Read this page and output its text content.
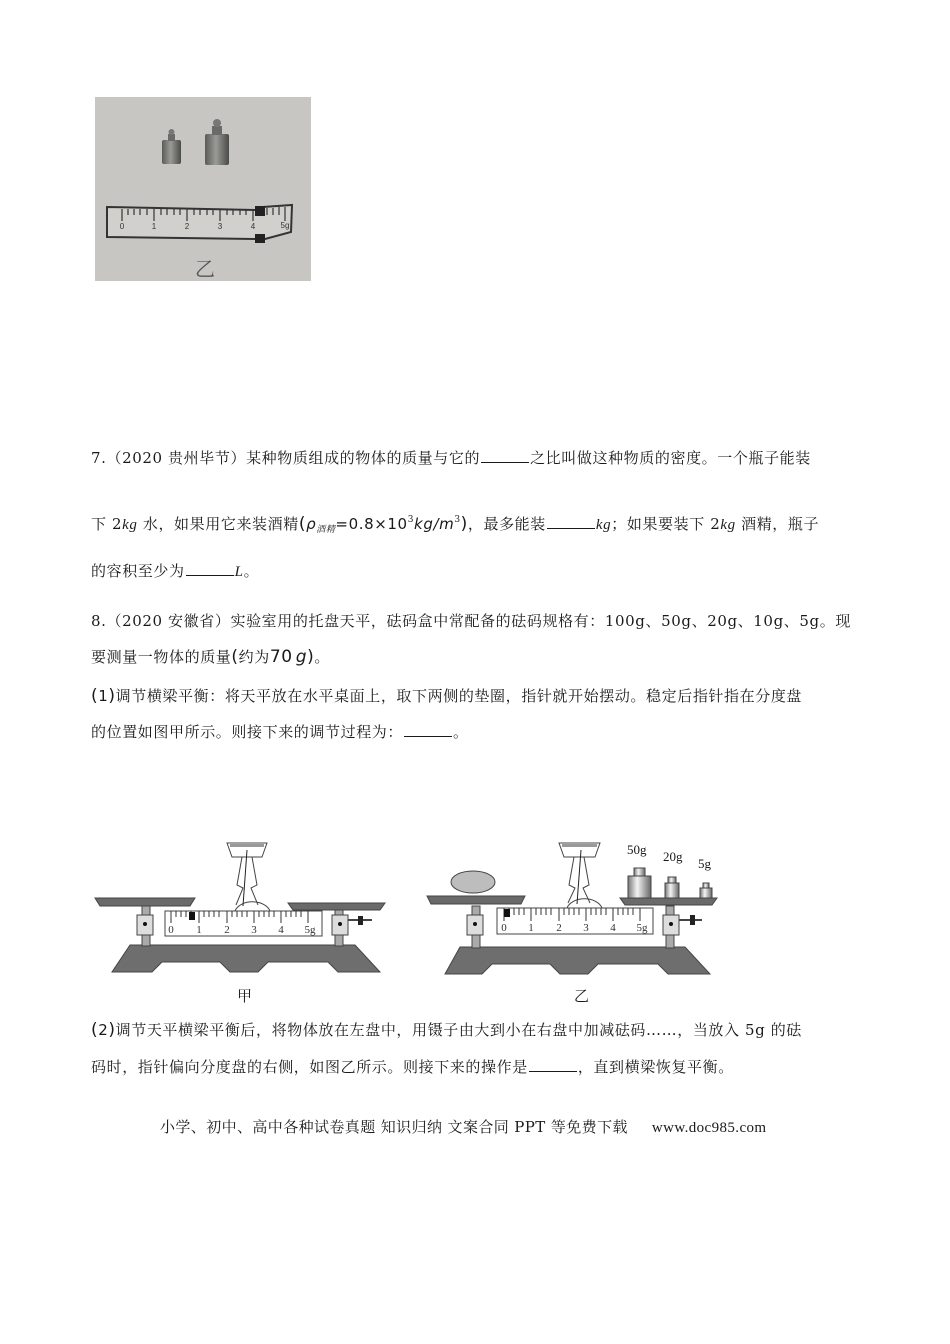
0	1	2	3	4	5g
乙
7.（2020 贵州毕节）某种物质组成的物体的质量与它的	之比叫做这种物质的密度。一个瓶子能装
下 2kg 水，如果用它来装酒精$(\rho_{酒精}=0.8\times 10^3kg/m^3)$，最多能装	kg；如果要装下 2kg 酒精，瓶子
的容积至少为	L。
8.（2020 安徽省）实验室用的托盘天平，砝码盒中常配备的砝码规格有：100g、50g、20g、10g、5g。现
要测量一物体的质量(约为70 g)。
(1)调节横梁平衡：将天平放在水平桌面上，取下两侧的垫圈，指针就开始摆动。稳定后指针指在分度盘
的位置如图甲所示。则接下来的调节过程为：	。
0 1 2 3 4 5g
甲
0 1 2 3 4 5g
50g 20g 5g
乙
(2)调节天平横梁平衡后，将物体放在左盘中，用镊子由大到小在右盘中加减砝码……，当放入 5g 的砝
码时，指针偏向分度盘的右侧，如图乙所示。则接下来的操作是	，直到横梁恢复平衡。
小学、初中、高中各种试卷真题 知识归纳 文案合同 PPT 等免费下载 www.doc985.com
